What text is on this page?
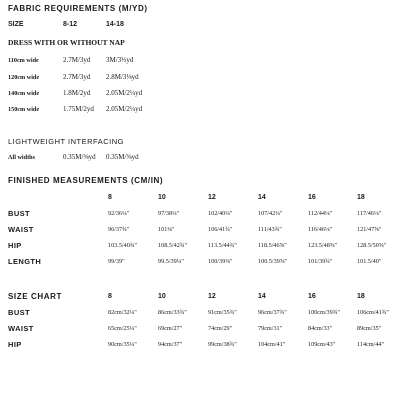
FABRIC REQUIREMENTS (M/YD)
SIZE	8-12	14-18
DRESS WITH OR WITHOUT NAP
110cm wide	2.7M/3yd 3M/3⅓yd
120cm wide	2.7M/3yd 2.8M/3⅛yd
140cm wide	1.8M/2yd 2.05M/2¼yd
150cm wide	1.75M/2yd 2.05M/2¼yd
LIGHTWEIGHT INTERFACING
All widths	0.35M/⅜yd 0.35M/⅜yd
FINISHED MEASUREMENTS (CM/IN)
8	10	12	14	16	18
BUST	92/36¼"	97/38¼"	102/40¼"	107/42¼"	112/44⅛"	117/46⅛"
WAIST	96/37¾"	101⅜"	106/41¾"	111/43¾"	116/46⅛"	121/47⅝"
HIP	103.5/40¾"	108.5/42¾"	113.5/44¾"	118.5/46⅝"	123.5/48⅝"	128.5/50⅝"
LENGTH	99/39"	99.5/39¼"	100/39⅜"	100.5/39⅝"	101/39¾"	101.5/40"
SIZE CHART	8	10	12	14	16	18
BUST	82cm/32¼"	86cm/33¾"	91cm/35¾"	96cm/37¾"	100cm/39¾"	106cm/41¾"
WAIST	65cm/25¼"	69cm/27"	74cm/29"	79cm/31"	84cm/33"	89cm/35"
HIP	90cm/35¼"	94cm/37"	99cm/38¾"	104cm/41"	109cm/43"	114cm/44"
